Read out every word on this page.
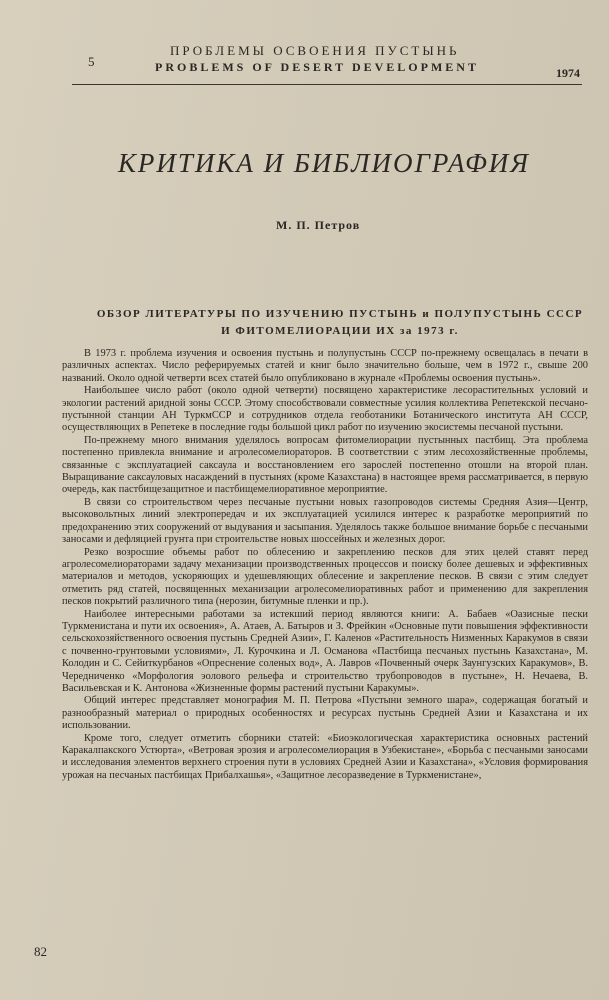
5
ПРОБЛЕМЫ ОСВОЕНИЯ ПУСТЫНЬ
PROBLEMS OF DESERT DEVELOPMENT	1974
КРИТИКА И БИБЛИОГРАФИЯ
М. П. Петров
ОБЗОР ЛИТЕРАТУРЫ ПО ИЗУЧЕНИЮ ПУСТЫНЬ и ПОЛУПУСТЫНЬ СССР
И ФИТОМЕЛИОРАЦИИ ИХ за 1973 г.

В 1973 г. проблема изучения и освоения пустынь и полупустынь СССР по-прежнему освещалась в печати в различных аспектах. Число реферируемых статей и книг было значительно больше, чем в 1972 г., свыше 200 названий. Около одной четверти всех статей было опубликовано в журнале «Проблемы освоения пустынь».

Наибольшее число работ (около одной четверти) посвящено характеристике лесорастительных условий и экологии растений аридной зоны СССР. Этому способствовали совместные усилия коллектива Репетекской песчано-пустынной станции АН ТуркмССР и сотрудников отдела геоботаники Ботанического института АН СССР, осуществляющих в Репетеке в последние годы большой цикл работ по изучению экосистемы песчаной пустыни.

По-прежнему много внимания уделялось вопросам фитомелиорации пустынных пастбищ. Эта проблема постепенно привлекла внимание и агролесомелиораторов. В соответствии с этим лесохозяйственные проблемы, связанные с эксплуатацией саксаула и восстановлением его зарослей постепенно отошли на второй план. Выращивание саксауловых насаждений в пустынях (кроме Казахстана) в настоящее время рассматривается, в первую очередь, как пастбищезащитное и пастбищемелиоративное мероприятие.

В связи со строительством через песчаные пустыни новых газопроводов системы Средняя Азия—Центр, высоковольтных линий электропередач и их эксплуатацией усилился интерес к разработке мероприятий по предохранению этих сооружений от выдувания и засыпания. Уделялось также большое внимание борьбе с песчаными заносами и дефляцией грунта при строительстве новых шоссейных и железных дорог.

Резко возросшие объемы работ по облесению и закреплению песков для этих целей ставят перед агролесомелиораторами задачу механизации производственных процессов и поиску более дешевых и эффективных материалов и методов, ускоряющих и удешевляющих облесение и закрепление песков. В связи с этим следует отметить ряд статей, посвященных механизации агролесомелиоративных работ и применению для закрепления песков покрытий различного типа (нерозин, битумные пленки и пр.).

Наиболее интересными работами за истекший период являются книги: А. Бабаев «Оазисные пески Туркменистана и пути их освоения», А. Атаев, А. Батыров и З. Фрейкин «Основные пути повышения эффективности сельскохозяйственного освоения пустынь Средней Азии», Г. Каленов «Растительность Низменных Каракумов в связи с почвенно-грунтовыми условиями», Л. Курочкина и Л. Османова «Пастбища песчаных пустынь Казахстана», М. Колодин и С. Сейиткурбанов «Опреснение соленых вод», А. Лавров «Почвенный очерк Заунгузских Каракумов», В. Чередниченко «Морфология эолового рельефа и строительство трубопроводов в пустыне», Н. Нечаева, В. Васильевская и К. Антонова «Жизненные формы растений пустыни Каракумы».

Общий интерес представляет монография М. П. Петрова «Пустыни земного шара», содержащая богатый и разнообразный материал о природных особенностях и ресурсах пустынь Средней Азии и Казахстана и их использовании.

Кроме того, следует отметить сборники статей: «Биоэкологическая характеристика основных растений Каракалпакского Устюрта», «Ветровая эрозия и агролесомелиорация в Узбекистане», «Борьба с песчаными заносами и исследования элементов верхнего строения пути в условиях Средней Азии и Казахстана», «Условия формирования урожая на песчаных пастбищах Прибалхашья», «Защитное лесоразведение в Туркменистане»,

82
